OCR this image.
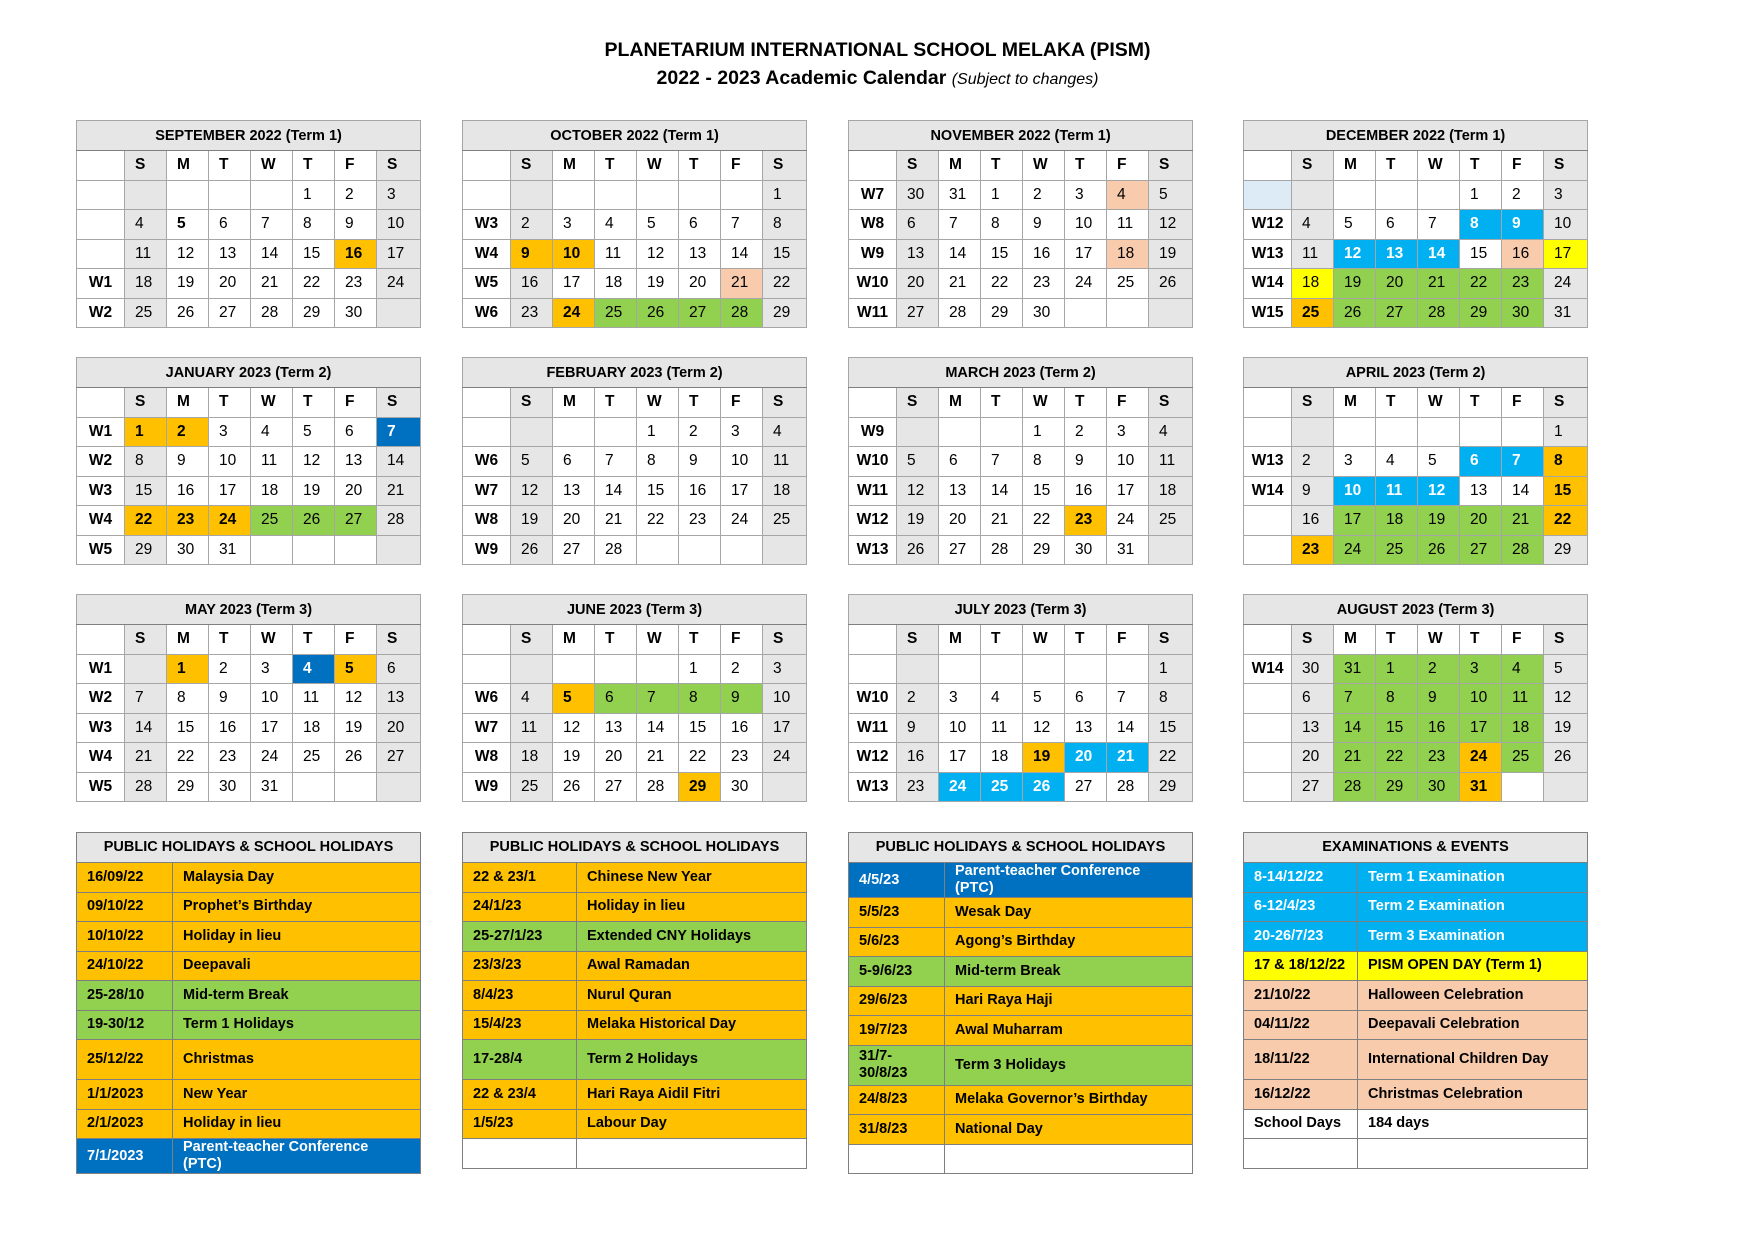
PLANETARIUM INTERNATIONAL SCHOOL MELAKA (PISM)
2022 - 2023 Academic Calendar (Subject to changes)
SEPTEMBER 2022 (Term 1)							
	S	M	T	W	T	F	S
					1	2	3
	4	5	6	7	8	9	10
	11	12	13	14	15	16	17
W1	18	19	20	21	22	23	24
W2	25	26	27	28	29	30	
OCTOBER 2022 (Term 1)							
	S	M	T	W	T	F	S
							1
W3	2	3	4	5	6	7	8
W4	9	10	11	12	13	14	15
W5	16	17	18	19	20	21	22
W6	23	24	25	26	27	28	29
NOVEMBER 2022 (Term 1)							
	S	M	T	W	T	F	S
W7	30	31	1	2	3	4	5
W8	6	7	8	9	10	11	12
W9	13	14	15	16	17	18	19
W10	20	21	22	23	24	25	26
W11	27	28	29	30			
DECEMBER 2022 (Term 1)							
	S	M	T	W	T	F	S
					1	2	3
W12	4	5	6	7	8	9	10
W13	11	12	13	14	15	16	17
W14	18	19	20	21	22	23	24
W15	25	26	27	28	29	30	31
JANUARY 2023 (Term 2)							
	S	M	T	W	T	F	S
W1	1	2	3	4	5	6	7
W2	8	9	10	11	12	13	14
W3	15	16	17	18	19	20	21
W4	22	23	24	25	26	27	28
W5	29	30	31				
FEBRUARY 2023 (Term 2)							
	S	M	T	W	T	F	S
				1	2	3	4
W6	5	6	7	8	9	10	11
W7	12	13	14	15	16	17	18
W8	19	20	21	22	23	24	25
W9	26	27	28				
MARCH 2023 (Term 2)							
	S	M	T	W	T	F	S
W9				1	2	3	4
W10	5	6	7	8	9	10	11
W11	12	13	14	15	16	17	18
W12	19	20	21	22	23	24	25
W13	26	27	28	29	30	31	
APRIL 2023 (Term 2)							
	S	M	T	W	T	F	S
							1
W13	2	3	4	5	6	7	8
W14	9	10	11	12	13	14	15
	16	17	18	19	20	21	22
	23	24	25	26	27	28	29
MAY 2023 (Term 3)							
	S	M	T	W	T	F	S
W1		1	2	3	4	5	6
W2	7	8	9	10	11	12	13
W3	14	15	16	17	18	19	20
W4	21	22	23	24	25	26	27
W5	28	29	30	31			
JUNE 2023 (Term 3)							
	S	M	T	W	T	F	S
					1	2	3
W6	4	5	6	7	8	9	10
W7	11	12	13	14	15	16	17
W8	18	19	20	21	22	23	24
W9	25	26	27	28	29	30	
JULY 2023 (Term 3)							
	S	M	T	W	T	F	S
							1
W10	2	3	4	5	6	7	8
W11	9	10	11	12	13	14	15
W12	16	17	18	19	20	21	22
W13	23	24	25	26	27	28	29
AUGUST 2023 (Term 3)							
	S	M	T	W	T	F	S
W14	30	31	1	2	3	4	5
	6	7	8	9	10	11	12
	13	14	15	16	17	18	19
	20	21	22	23	24	25	26
	27	28	29	30	31		
PUBLIC HOLIDAYS & SCHOOL HOLIDAYS	
16/09/22	Malaysia Day
09/10/22	Prophet’s Birthday
10/10/22	Holiday in lieu
24/10/22	Deepavali
25-28/10	Mid-term Break
19-30/12	Term 1 Holidays
25/12/22	Christmas
1/1/2023	New Year
2/1/2023	Holiday in lieu
7/1/2023	Parent-teacher Conference (PTC)
PUBLIC HOLIDAYS & SCHOOL HOLIDAYS	
22 & 23/1	Chinese New Year
24/1/23	Holiday in lieu
25-27/1/23	Extended CNY Holidays
23/3/23	Awal Ramadan
8/4/23	Nurul Quran
15/4/23	Melaka Historical Day
17-28/4	Term 2 Holidays
22 & 23/4	Hari Raya Aidil Fitri
1/5/23	Labour Day

PUBLIC HOLIDAYS & SCHOOL HOLIDAYS	
4/5/23	Parent-teacher Conference (PTC)
5/5/23	Wesak Day
5/6/23	Agong’s Birthday
5-9/6/23	Mid-term Break
29/6/23	Hari Raya Haji
19/7/23	Awal Muharram
31/7-30/8/23	Term 3 Holidays
24/8/23	Melaka Governor’s Birthday
31/8/23	National Day

EXAMINATIONS & EVENTS	
8-14/12/22	Term 1 Examination
6-12/4/23	Term 2 Examination
20-26/7/23	Term 3 Examination
17 & 18/12/22	PISM OPEN DAY (Term 1)
21/10/22	Halloween Celebration
04/11/22	Deepavali Celebration
18/11/22	International Children Day
16/12/22	Christmas Celebration
School Days	184 days
